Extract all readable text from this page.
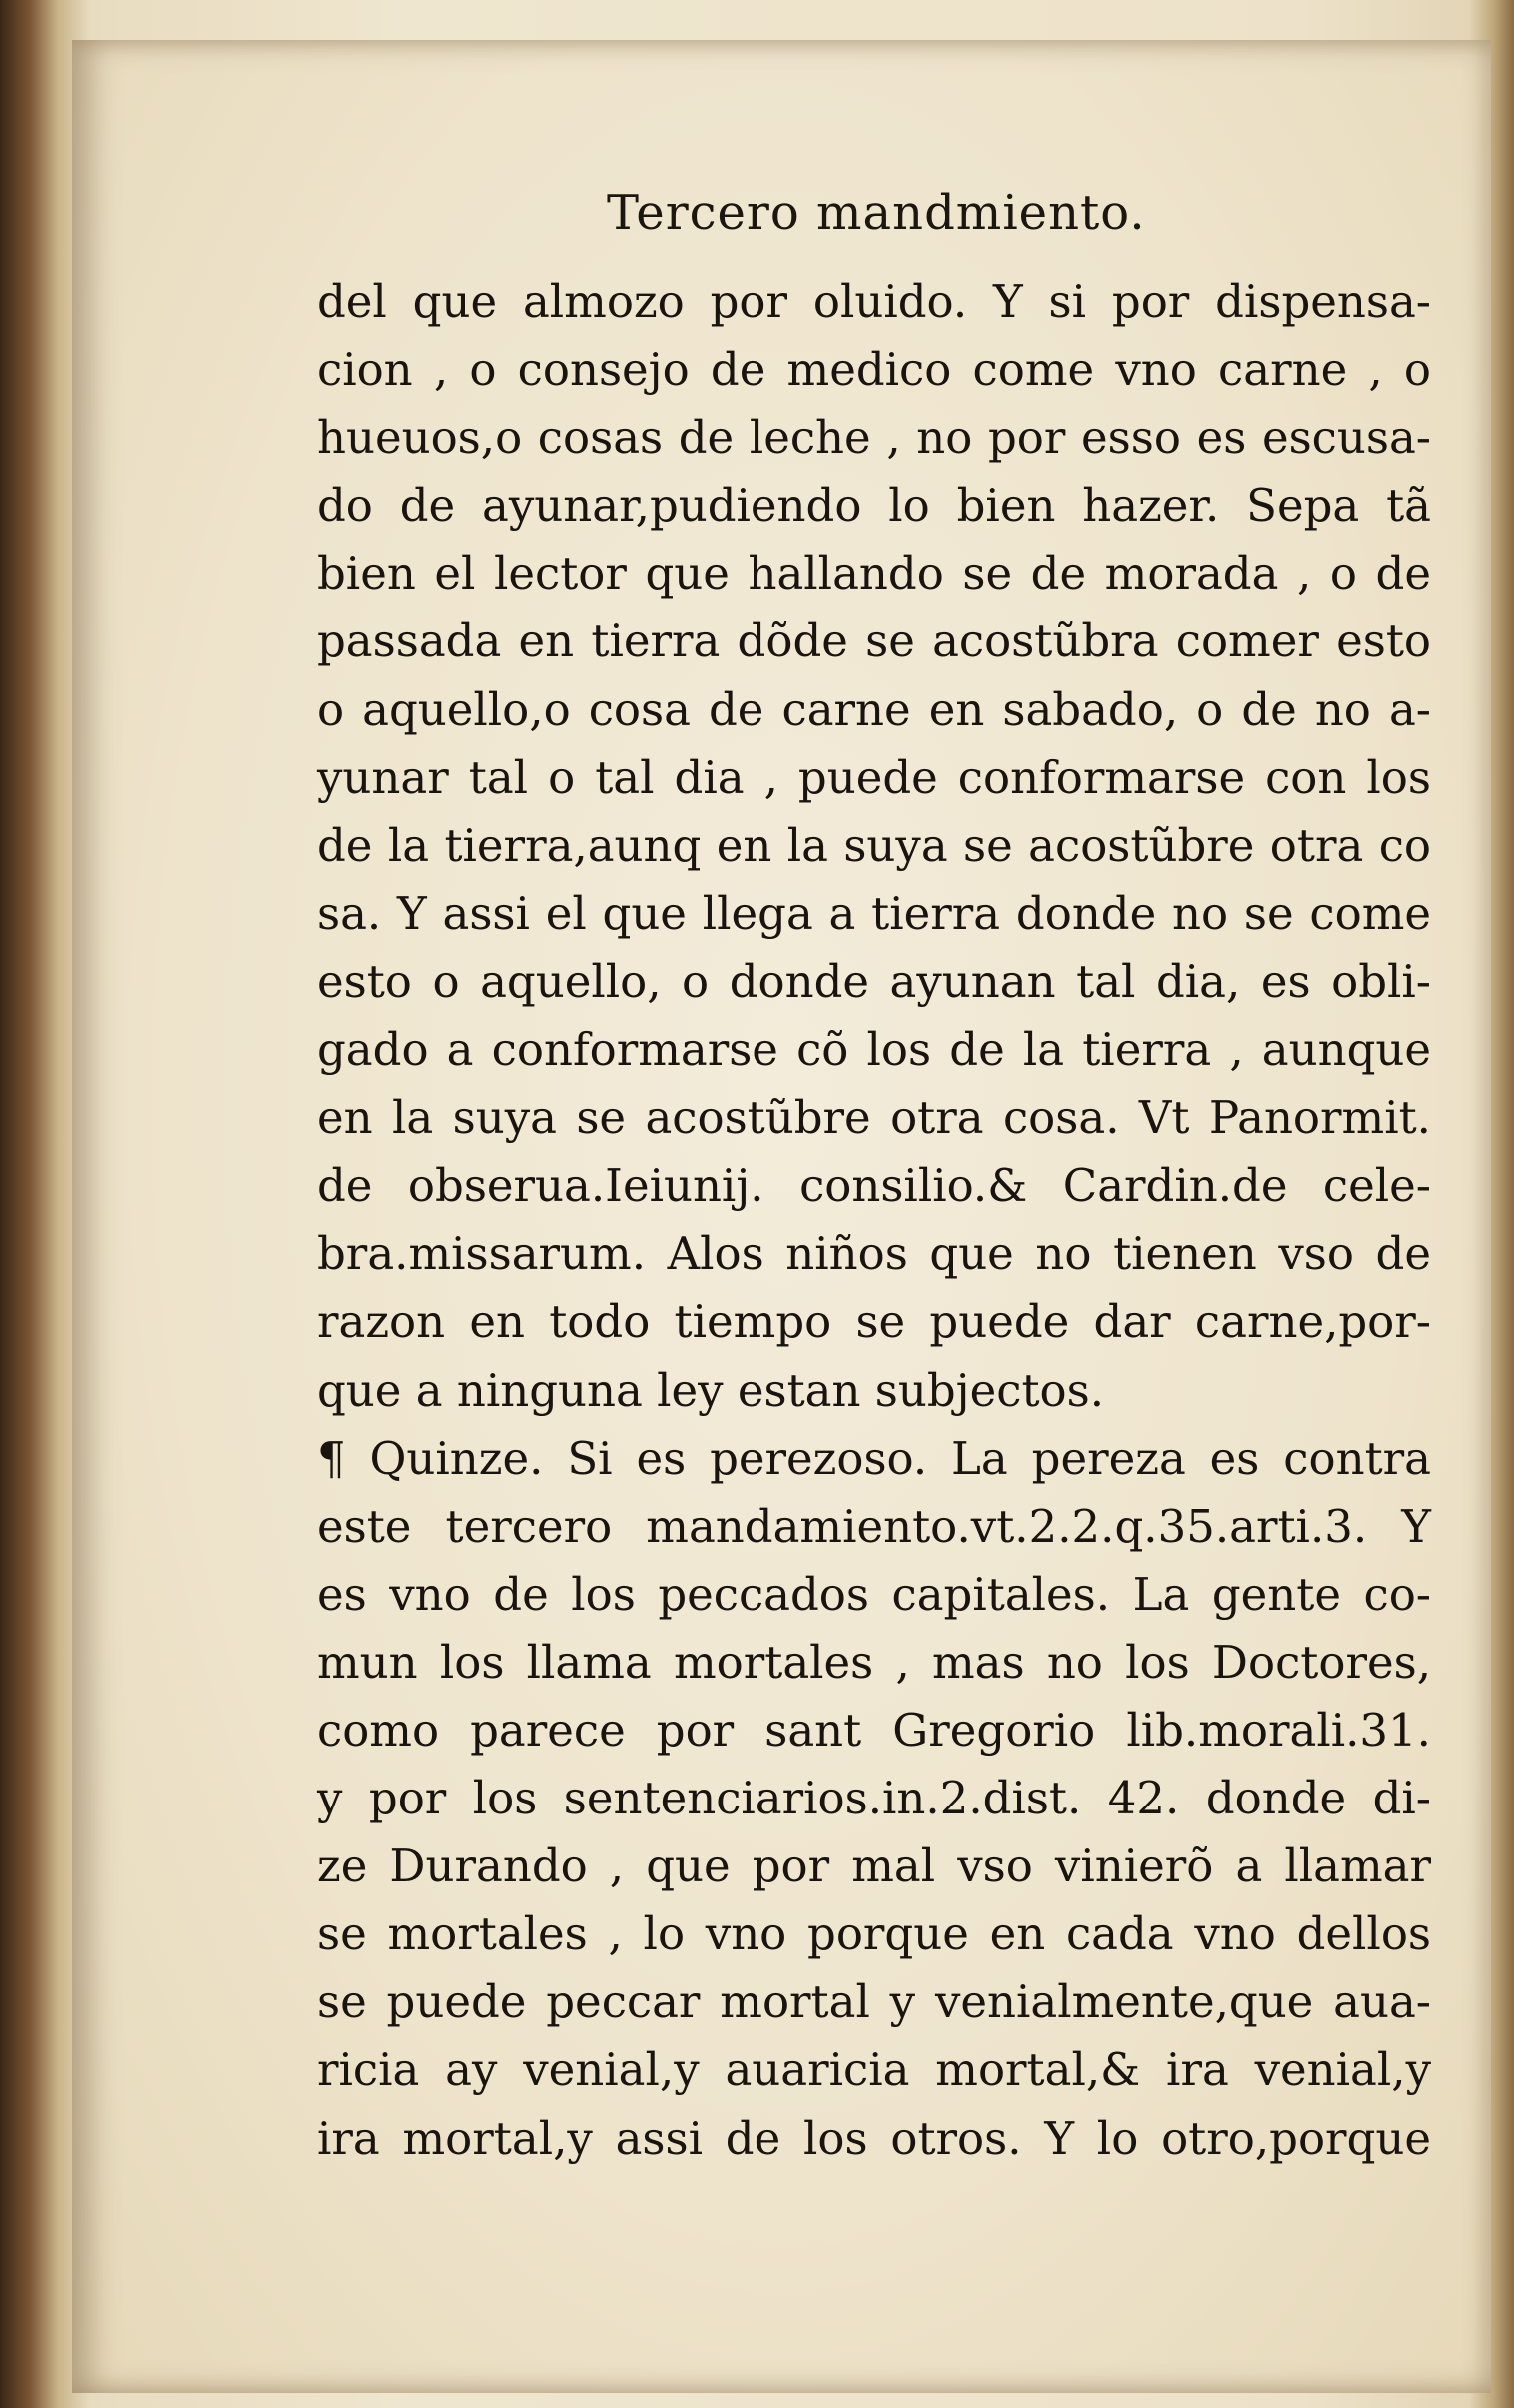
Tercero mandmiento.
del que almozo por oluido. Y si por dispensa-
cion , o consejo de medico come vno carne , o
hueuos,o cosas de leche , no por esso es escusa-
do de ayunar,pudiendo lo bien hazer. Sepa tã
bien el lector que hallando se de morada , o de
passada en tierra dõde se acostũbra comer esto
o aquello,o cosa de carne en sabado, o de no a-
yunar tal o tal dia , puede conformarse con los
de la tierra,aunq en la suya se acostũbre otra co
sa. Y assi el que llega a tierra donde no se come
esto o aquello, o donde ayunan tal dia, es obli-
gado a conformarse cõ los de la tierra , aunque
en la suya se acostũbre otra cosa. Vt Panormit.
de obserua.Ieiunij. consilio.& Cardin.de cele-
bra.missarum. Alos niños que no tienen vso de
razon en todo tiempo se puede dar carne,por-
que a ninguna ley estan subjectos.
¶ Quinze. Si es perezoso. La pereza es contra
este tercero mandamiento.vt.2.2.q.35.arti.3. Y
es vno de los peccados capitales. La gente co-
mun los llama mortales , mas no los Doctores,
como parece por sant Gregorio lib.morali.31.
y por los sentenciarios.in.2.dist. 42. donde di-
ze Durando , que por mal vso vinierõ a llamar
se mortales , lo vno porque en cada vno dellos
se puede peccar mortal y venialmente,que aua-
ricia ay venial,y auaricia mortal,& ira venial,y
ira mortal,y assi de los otros. Y lo otro,porque
